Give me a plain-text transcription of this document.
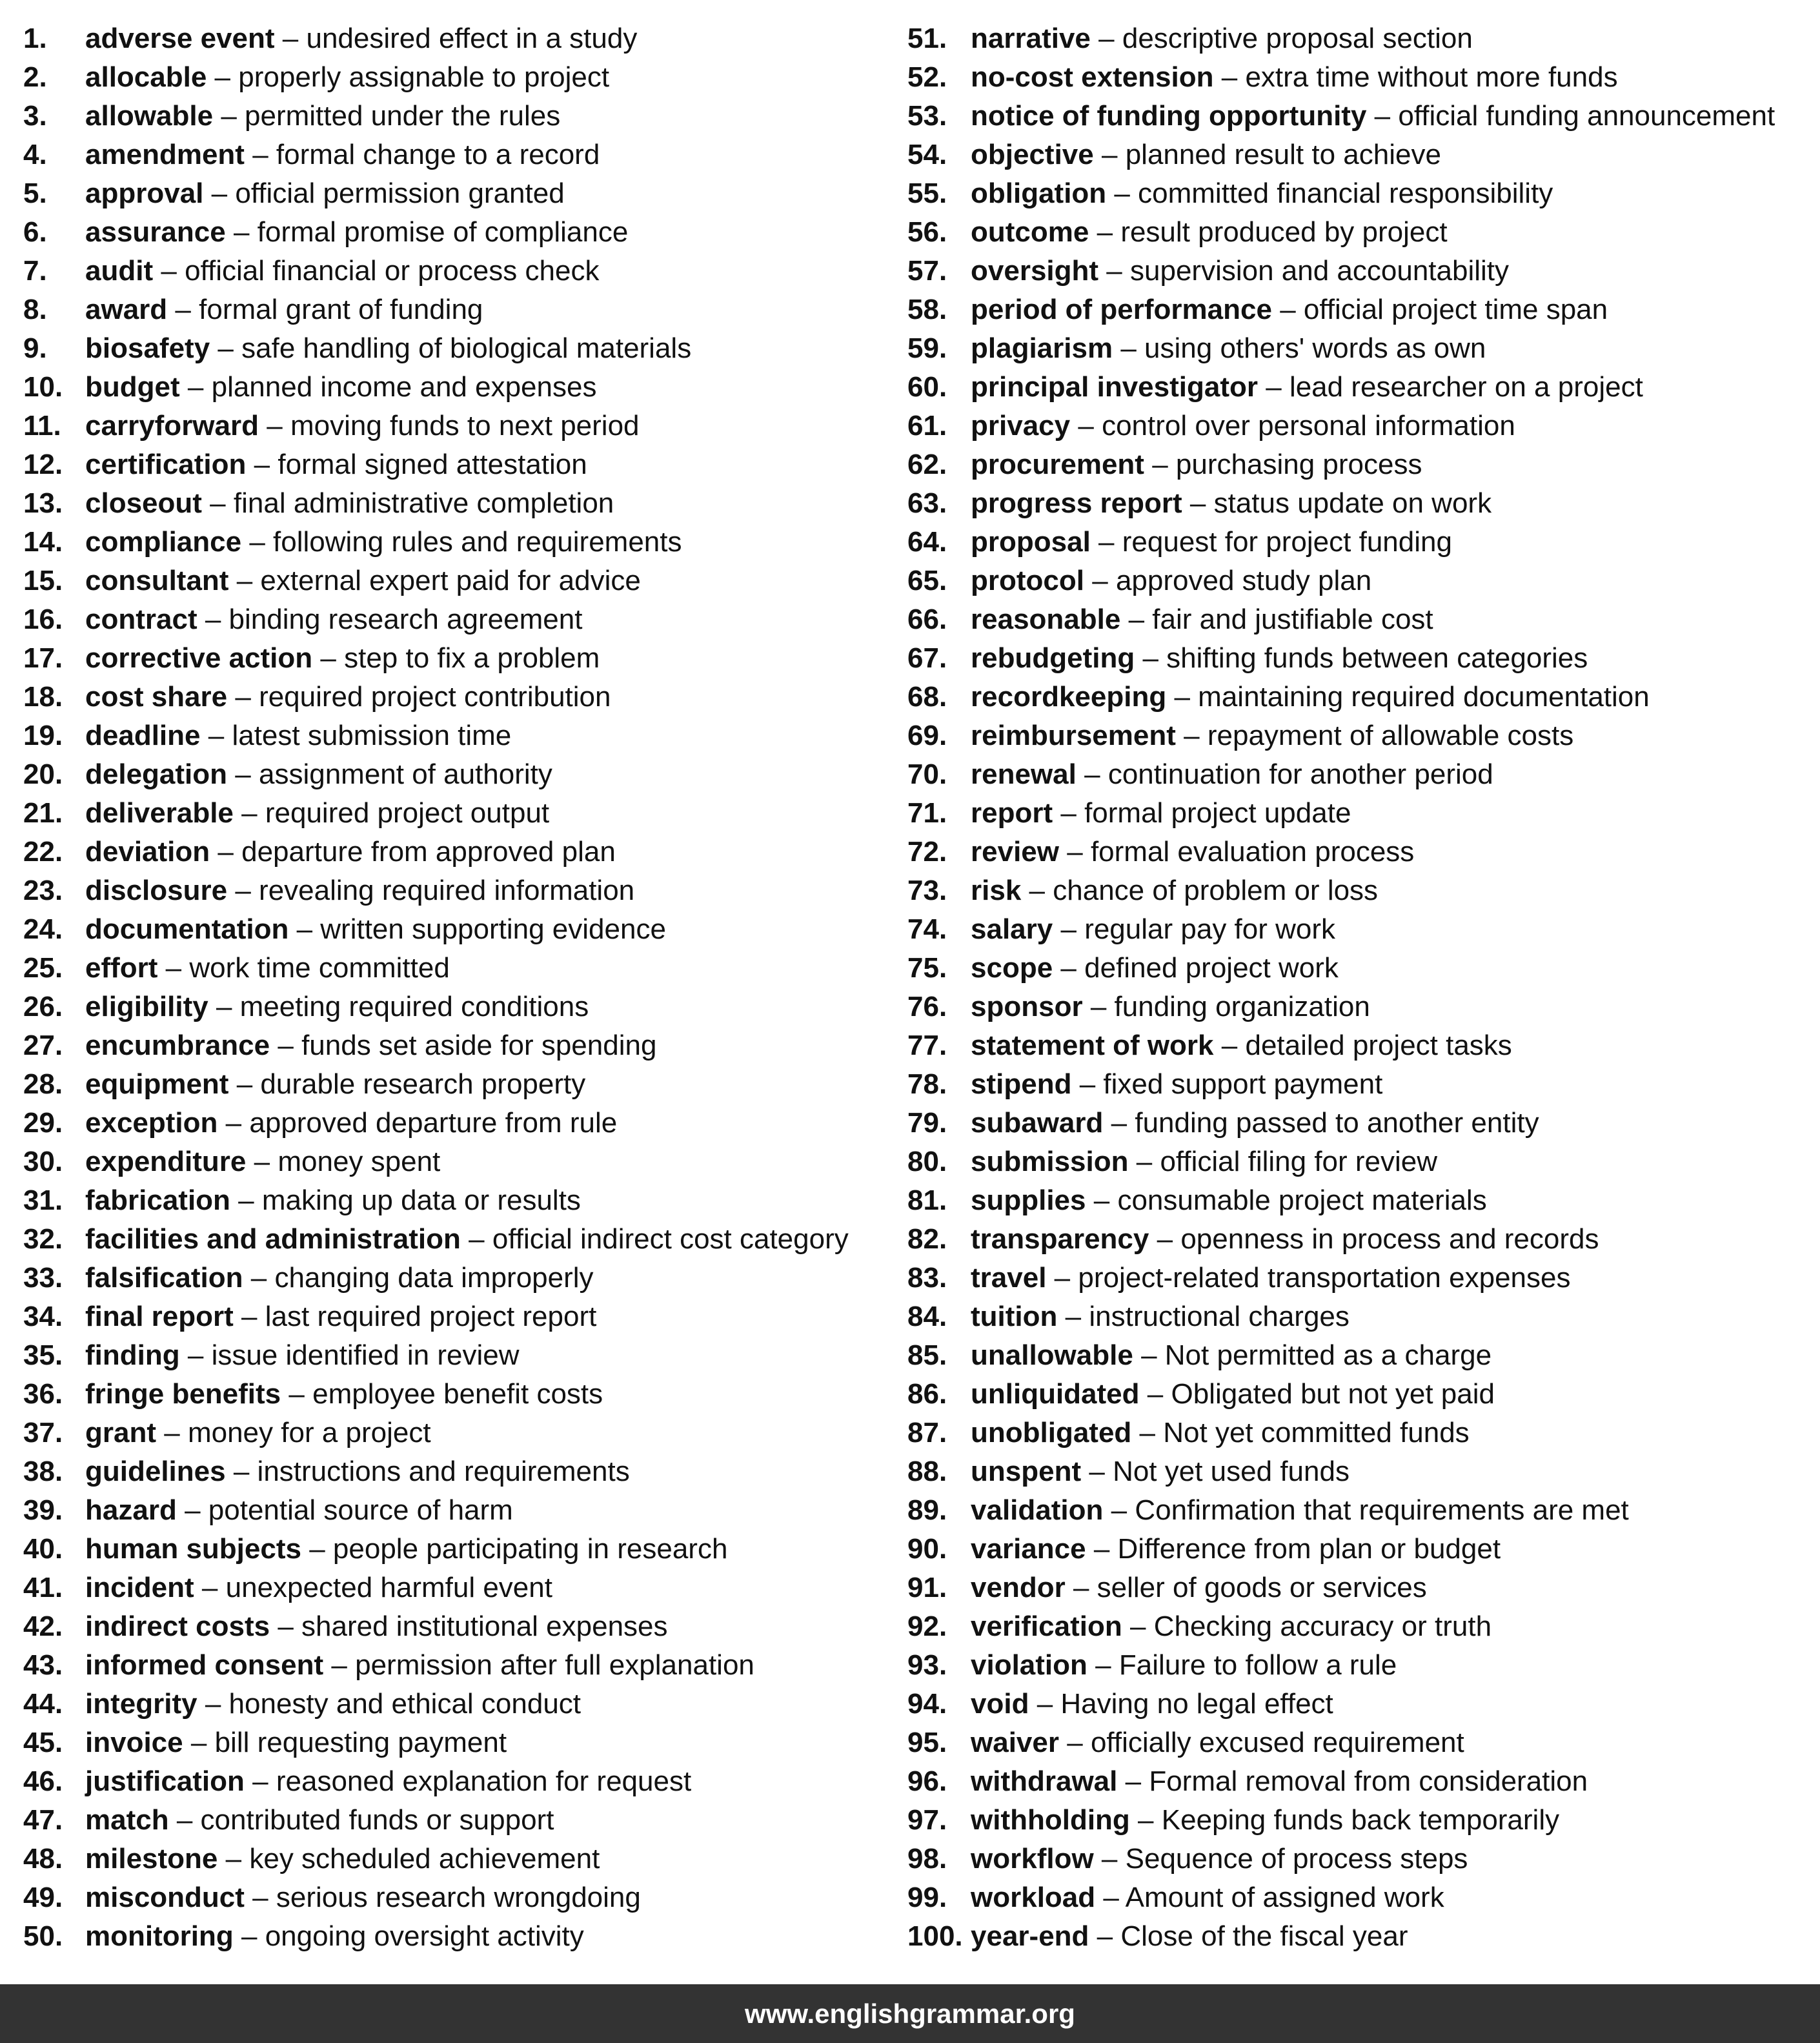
1. adverse event – undesired effect in a study
2. allocable – properly assignable to project
3. allowable – permitted under the rules
4. amendment – formal change to a record
5. approval – official permission granted
6. assurance – formal promise of compliance
7. audit – official financial or process check
8. award – formal grant of funding
9. biosafety – safe handling of biological materials
10. budget – planned income and expenses
11. carryforward – moving funds to next period
12. certification – formal signed attestation
13. closeout – final administrative completion
14. compliance – following rules and requirements
15. consultant – external expert paid for advice
16. contract – binding research agreement
17. corrective action – step to fix a problem
18. cost share – required project contribution
19. deadline – latest submission time
20. delegation – assignment of authority
21. deliverable – required project output
22. deviation – departure from approved plan
23. disclosure – revealing required information
24. documentation – written supporting evidence
25. effort – work time committed
26. eligibility – meeting required conditions
27. encumbrance – funds set aside for spending
28. equipment – durable research property
29. exception – approved departure from rule
30. expenditure – money spent
31. fabrication – making up data or results
32. facilities and administration – official indirect cost category
33. falsification – changing data improperly
34. final report – last required project report
35. finding – issue identified in review
36. fringe benefits – employee benefit costs
37. grant – money for a project
38. guidelines – instructions and requirements
39. hazard – potential source of harm
40. human subjects – people participating in research
41. incident – unexpected harmful event
42. indirect costs – shared institutional expenses
43. informed consent – permission after full explanation
44. integrity – honesty and ethical conduct
45. invoice – bill requesting payment
46. justification – reasoned explanation for request
47. match – contributed funds or support
48. milestone – key scheduled achievement
49. misconduct – serious research wrongdoing
50. monitoring – ongoing oversight activity
51. narrative – descriptive proposal section
52. no-cost extension – extra time without more funds
53. notice of funding opportunity – official funding announcement
54. objective – planned result to achieve
55. obligation – committed financial responsibility
56. outcome – result produced by project
57. oversight – supervision and accountability
58. period of performance – official project time span
59. plagiarism – using others' words as own
60. principal investigator – lead researcher on a project
61. privacy – control over personal information
62. procurement – purchasing process
63. progress report – status update on work
64. proposal – request for project funding
65. protocol – approved study plan
66. reasonable – fair and justifiable cost
67. rebudgeting – shifting funds between categories
68. recordkeeping – maintaining required documentation
69. reimbursement – repayment of allowable costs
70. renewal – continuation for another period
71. report – formal project update
72. review – formal evaluation process
73. risk – chance of problem or loss
74. salary – regular pay for work
75. scope – defined project work
76. sponsor – funding organization
77. statement of work – detailed project tasks
78. stipend – fixed support payment
79. subaward – funding passed to another entity
80. submission – official filing for review
81. supplies – consumable project materials
82. transparency – openness in process and records
83. travel – project-related transportation expenses
84. tuition – instructional charges
85. unallowable – Not permitted as a charge
86. unliquidated – Obligated but not yet paid
87. unobligated – Not yet committed funds
88. unspent – Not yet used funds
89. validation – Confirmation that requirements are met
90. variance – Difference from plan or budget
91. vendor – seller of goods or services
92. verification – Checking accuracy or truth
93. violation – Failure to follow a rule
94. void – Having no legal effect
95. waiver – officially excused requirement
96. withdrawal – Formal removal from consideration
97. withholding – Keeping funds back temporarily
98. workflow – Sequence of process steps
99. workload – Amount of assigned work
100. year-end – Close of the fiscal year
www.englishgrammar.org
